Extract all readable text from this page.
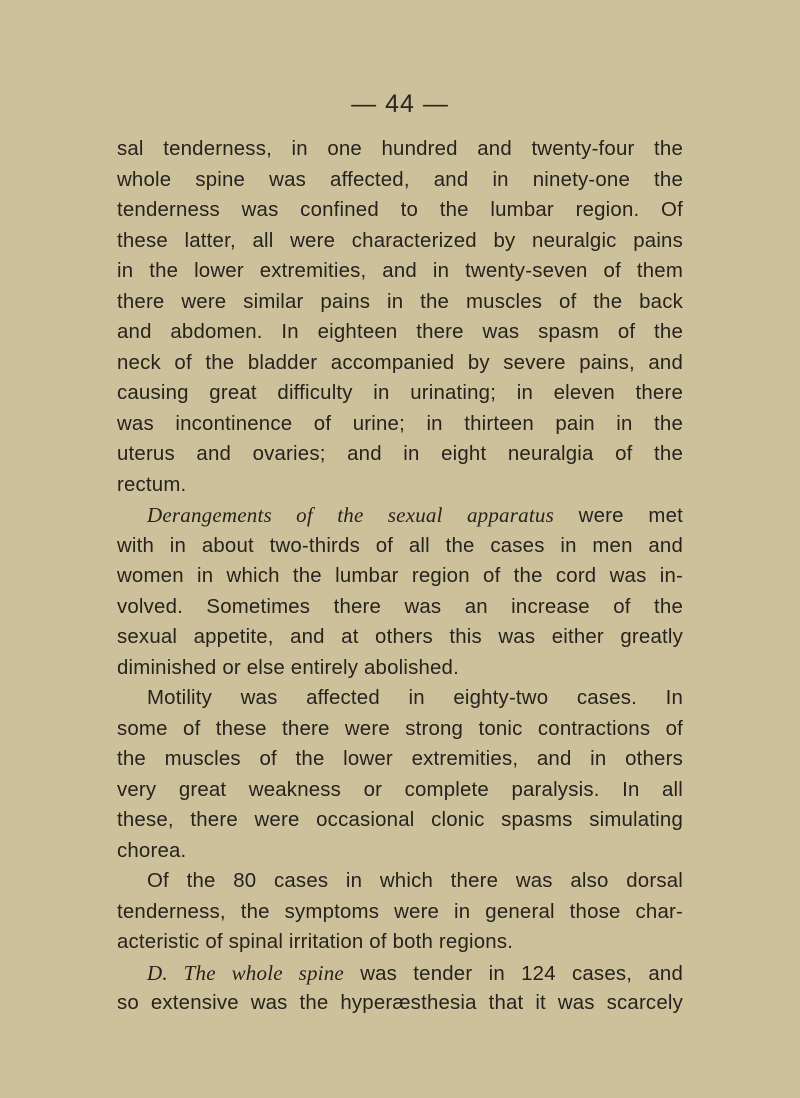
— 44 —
sal tenderness, in one hundred and twenty-four the
whole spine was affected, and in ninety-one the
tenderness was confined to the lumbar region. Of
these latter, all were characterized by neuralgic pains
in the lower extremities, and in twenty-seven of them
there were similar pains in the muscles of the back
and abdomen. In eighteen there was spasm of the
neck of the bladder accompanied by severe pains, and
causing great difficulty in urinating; in eleven there
was incontinence of urine; in thirteen pain in the
uterus and ovaries; and in eight neuralgia of the
rectum.
Derangements of the sexual apparatus were met
with in about two-thirds of all the cases in men and
women in which the lumbar region of the cord was in-
volved. Sometimes there was an increase of the
sexual appetite, and at others this was either greatly
diminished or else entirely abolished.
Motility was affected in eighty-two cases. In
some of these there were strong tonic contractions of
the muscles of the lower extremities, and in others
very great weakness or complete paralysis. In all
these, there were occasional clonic spasms simulating
chorea.
Of the 80 cases in which there was also dorsal
tenderness, the symptoms were in general those char-
acteristic of spinal irritation of both regions.
D. The whole spine was tender in 124 cases, and
so extensive was the hyperæsthesia that it was scarcely
